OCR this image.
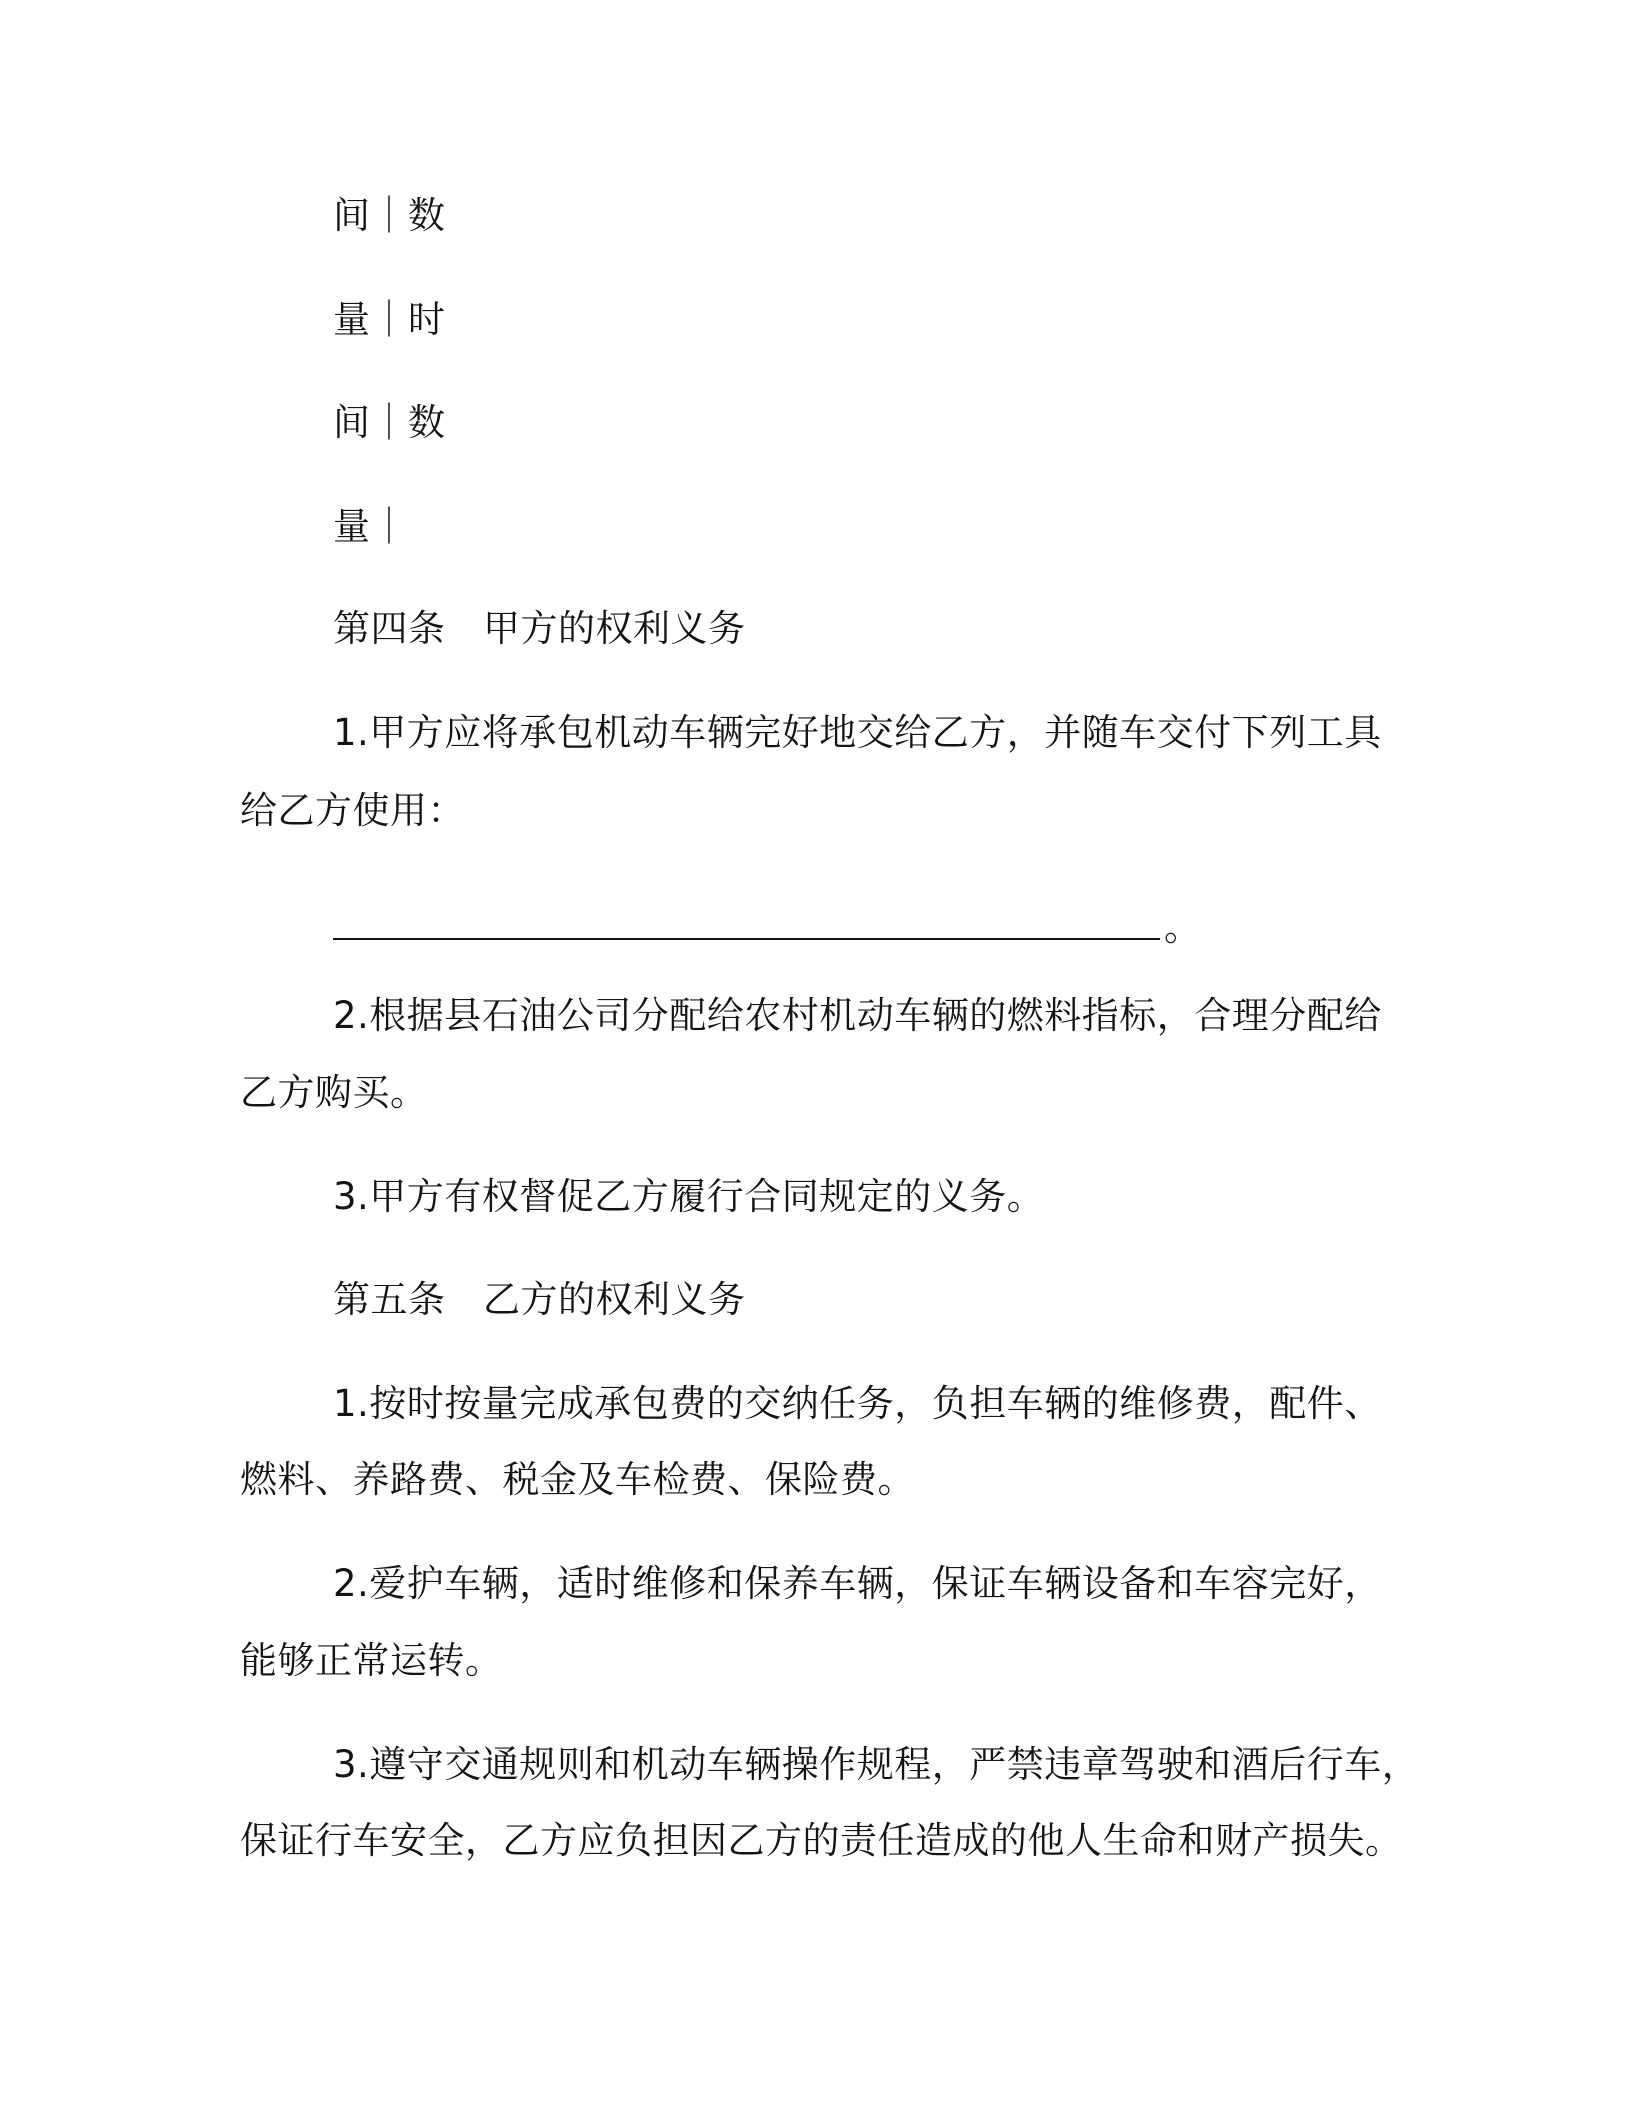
间｜数
量｜时
间｜数
量｜
第四条　甲方的权利义务
1.甲方应将承包机动车辆完好地交给乙方，并随车交付下列工具
给乙方使用：
。
2.根据县石油公司分配给农村机动车辆的燃料指标，合理分配给
乙方购买。
3.甲方有权督促乙方履行合同规定的义务。
第五条　乙方的权利义务
1.按时按量完成承包费的交纳任务，负担车辆的维修费，配件、
燃料、养路费、税金及车检费、保险费。
2.爱护车辆，适时维修和保养车辆，保证车辆设备和车容完好，
能够正常运转。
3.遵守交通规则和机动车辆操作规程，严禁违章驾驶和酒后行车，
保证行车安全，乙方应负担因乙方的责任造成的他人生命和财产损失。
